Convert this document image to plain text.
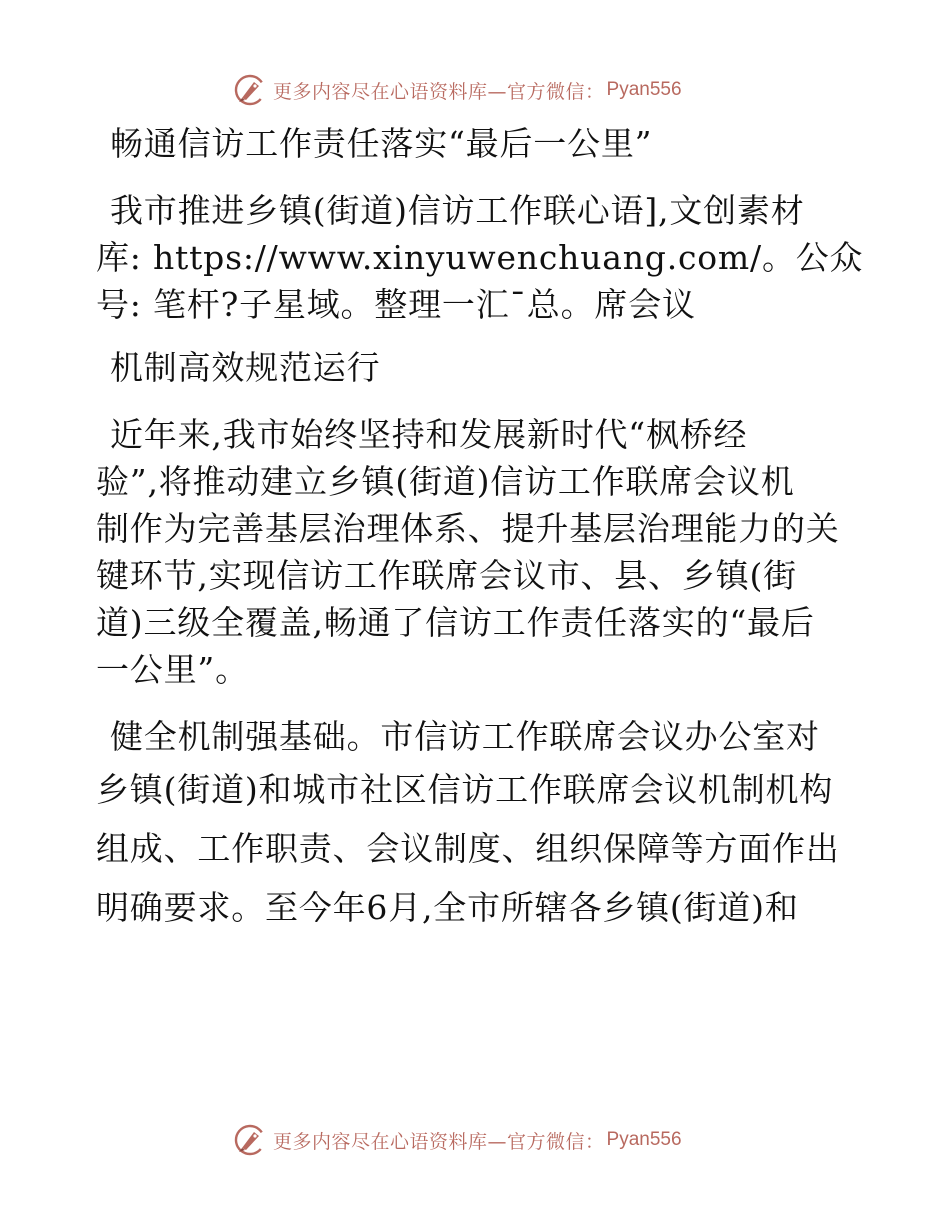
更多内容尽在心语资料库—官方微信： Pyan556
畅通信访工作责任落实“最后一公里”
我市推进乡镇(街道)信访工作联心语],文创素材
库: https://www.xinyuwenchuang.com/。公众
号: 笔杆?子星域。整理一汇¯总。席会议
机制高效规范运行
近年来,我市始终坚持和发展新时代“枫桥经
验”,将推动建立乡镇(街道)信访工作联席会议机
制作为完善基层治理体系、提升基层治理能力的关
键环节,实现信访工作联席会议市、县、乡镇(街
道)三级全覆盖,畅通了信访工作责任落实的“最后
一公里”。
健全机制强基础。市信访工作联席会议办公室对
乡镇(街道)和城市社区信访工作联席会议机制机构
组成、工作职责、会议制度、组织保障等方面作出
明确要求。至今年6月,全市所辖各乡镇(街道)和
更多内容尽在心语资料库—官方微信： Pyan556
